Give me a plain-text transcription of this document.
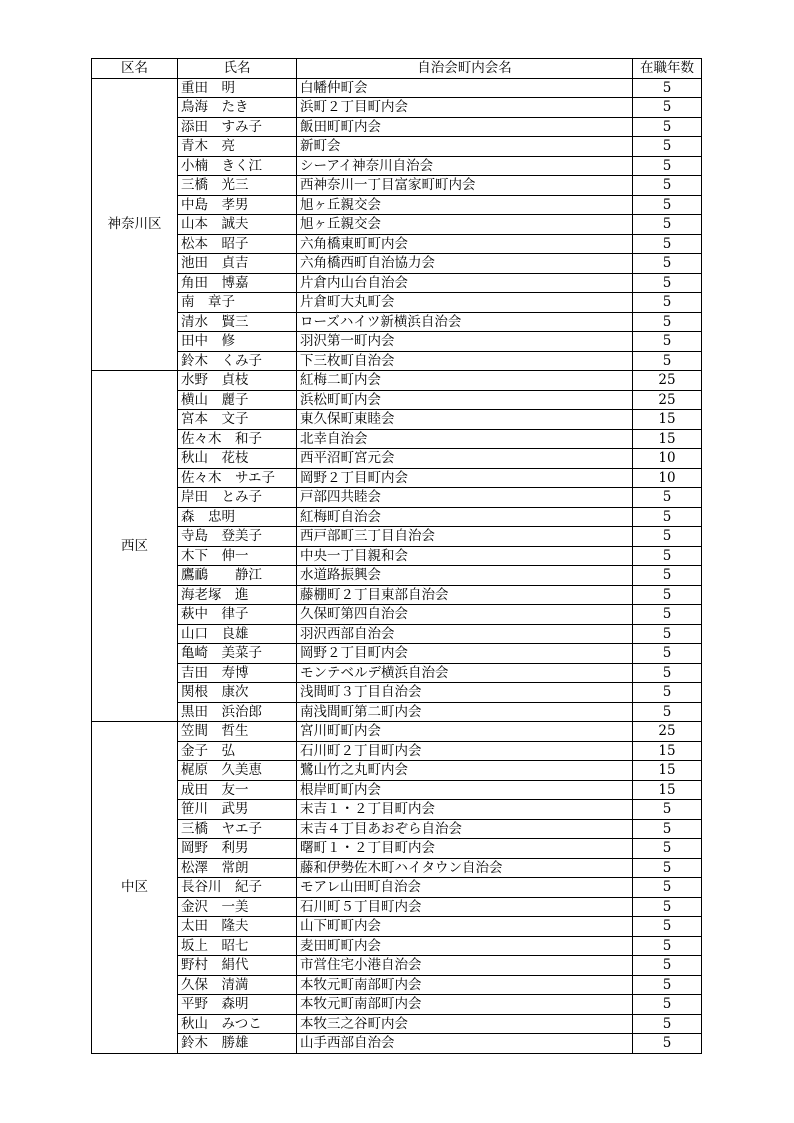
区名	氏名	自治会町内会名	在職年数
神奈川区	重田　明	白幡仲町会	5
	鳥海　たき	浜町２丁目町内会	5
	添田　すみ子	飯田町町内会	5
	青木　亮	新町会	5
	小楠　きく江	シーアイ神奈川自治会	5
	三橋　光三	西神奈川一丁目富家町町内会	5
	中島　孝男	旭ヶ丘親交会	5
	山本　誠夫	旭ヶ丘親交会	5
	松本　昭子	六角橋東町町内会	5
	池田　貞吉	六角橋西町自治協力会	5
	角田　博嘉	片倉内山台自治会	5
	南　章子	片倉町大丸町会	5
	清水　賢三	ローズハイツ新横浜自治会	5
	田中　修	羽沢第一町内会	5
	鈴木　くみ子	下三枚町自治会	5
西区	水野　貞枝	紅梅二町内会	25
	横山　麗子	浜松町町内会	25
	宮本　文子	東久保町東睦会	15
	佐々木　和子	北幸自治会	15
	秋山　花枝	西平沼町宮元会	10
	佐々木　サエ子	岡野２丁目町内会	10
	岸田　とみ子	戸部四共睦会	5
	森　忠明	紅梅町自治会	5
	寺島　登美子	西戸部町三丁目自治会	5
	木下　伸一	中央一丁目親和会	5
	鷹鴯　　静江	水道路振興会	5
	海老塚　進	藤棚町２丁目東部自治会	5
	萩中　律子	久保町第四自治会	5
	山口　良雄	羽沢西部自治会	5
	亀崎　美菜子	岡野２丁目町内会	5
	吉田　寿博	モンテベルデ横浜自治会	5
	関根　康次	浅間町３丁目自治会	5
	黒田　浜治郎	南浅間町第二町内会	5
中区	笠間　哲生	宮川町町内会	25
	金子　弘	石川町２丁目町内会	15
	梶原　久美恵	鷺山竹之丸町内会	15
	成田　友一	根岸町町内会	15
	笹川　武男	末吉１・２丁目町内会	5
	三橋　ヤエ子	末吉４丁目あおぞら自治会	5
	岡野　利男	曙町１・２丁目町内会	5
	松澤　常朗	藤和伊勢佐木町ハイタウン自治会	5
	長谷川　紀子	モアレ山田町自治会	5
	金沢　一美	石川町５丁目町内会	5
	太田　隆夫	山下町町内会	5
	坂上　昭七	麦田町町内会	5
	野村　絹代	市営住宅小港自治会	5
	久保　清満	本牧元町南部町内会	5
	平野　森明	本牧元町南部町内会	5
	秋山　みつこ	本牧三之谷町内会	5
	鈴木　勝雄	山手西部自治会	5
